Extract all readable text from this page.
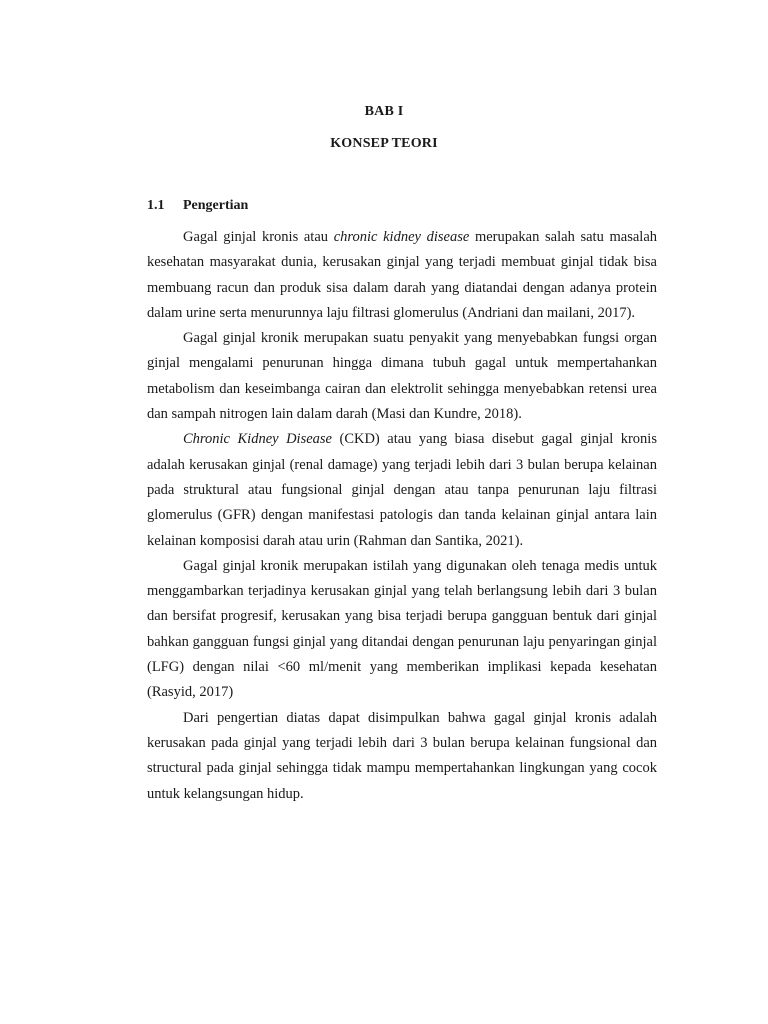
BAB I
KONSEP TEORI
1.1 Pengertian

Gagal ginjal kronis atau chronic kidney disease merupakan salah satu masalah kesehatan masyarakat dunia, kerusakan ginjal yang terjadi membuat ginjal tidak bisa membuang racun dan produk sisa dalam darah yang diatandai dengan adanya protein dalam urine serta menurunnya laju filtrasi glomerulus (Andriani dan mailani, 2017).

Gagal ginjal kronik merupakan suatu penyakit yang menyebabkan fungsi organ ginjal mengalami penurunan hingga dimana tubuh gagal untuk mempertahankan metabolism dan keseimbanga cairan dan elektrolit sehingga menyebabkan retensi urea dan sampah nitrogen lain dalam darah (Masi dan Kundre, 2018).

Chronic Kidney Disease (CKD) atau yang biasa disebut gagal ginjal kronis adalah kerusakan ginjal (renal damage) yang terjadi lebih dari 3 bulan berupa kelainan pada struktural atau fungsional ginjal dengan atau tanpa penurunan laju filtrasi glomerulus (GFR) dengan manifestasi patologis dan tanda kelainan ginjal antara lain kelainan komposisi darah atau urin (Rahman dan Santika, 2021).

Gagal ginjal kronik merupakan istilah yang digunakan oleh tenaga medis untuk menggambarkan terjadinya kerusakan ginjal yang telah berlangsung lebih dari 3 bulan dan bersifat progresif, kerusakan yang bisa terjadi berupa gangguan bentuk dari ginjal bahkan gangguan fungsi ginjal yang ditandai dengan penurunan laju penyaringan ginjal (LFG) dengan nilai <60 ml/menit yang memberikan implikasi kepada kesehatan (Rasyid, 2017)

Dari pengertian diatas dapat disimpulkan bahwa gagal ginjal kronis adalah kerusakan pada ginjal yang terjadi lebih dari 3 bulan berupa kelainan fungsional dan structural pada ginjal sehingga tidak mampu mempertahankan lingkungan yang cocok untuk kelangsungan hidup.
